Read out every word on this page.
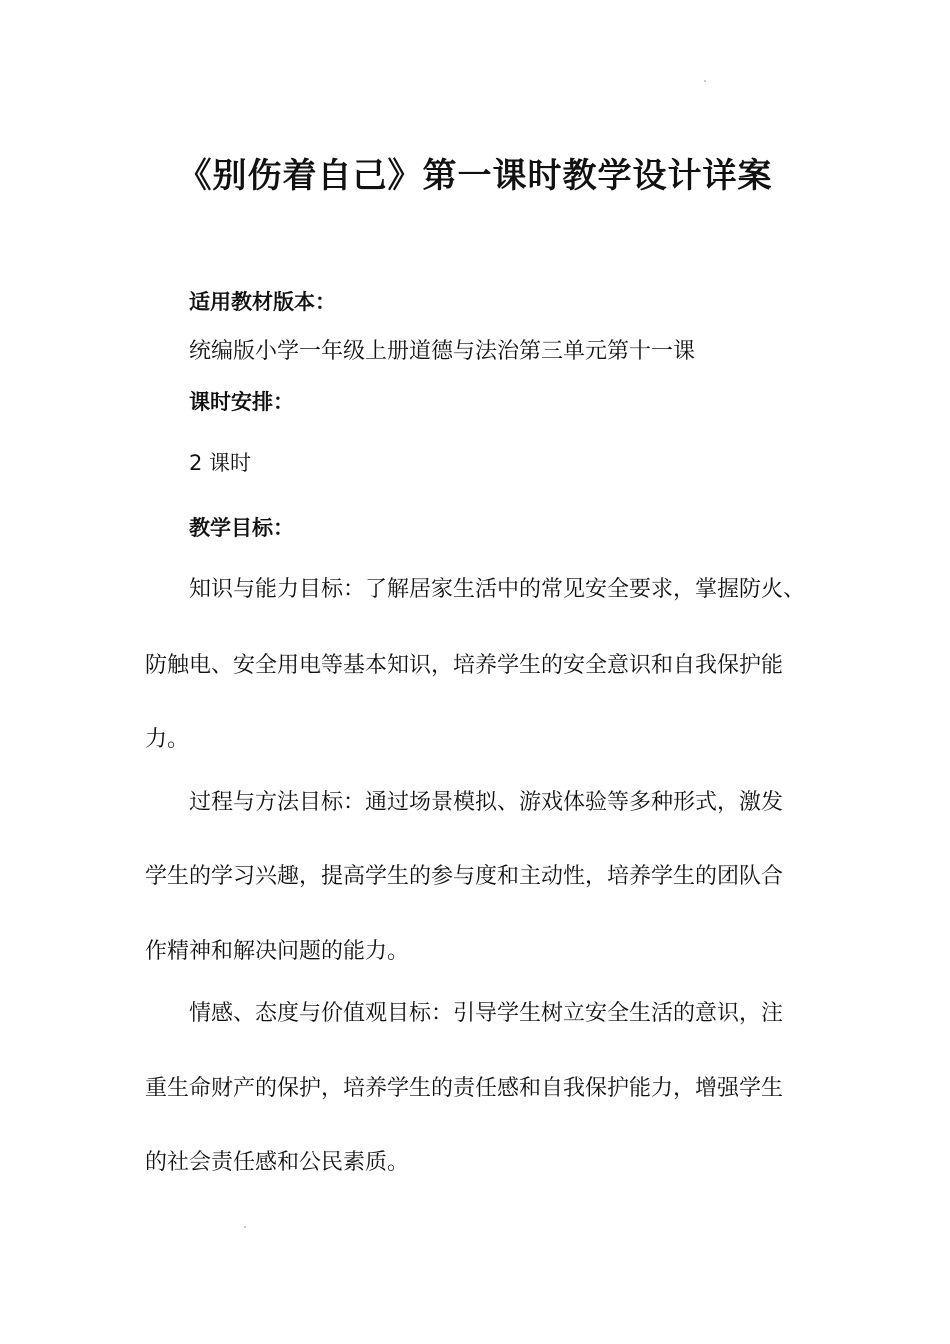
《别伤着自己》第一课时教学设计详案

适用教材版本：

统编版小学一年级上册道德与法治第三单元第十一课

课时安排：

2 课时

教学目标：

知识与能力目标：了解居家生活中的常见安全要求，掌握防火、

防触电、安全用电等基本知识，培养学生的安全意识和自我保护能

力。

过程与方法目标：通过场景模拟、游戏体验等多种形式，激发

学生的学习兴趣，提高学生的参与度和主动性，培养学生的团队合

作精神和解决问题的能力。

情感、态度与价值观目标：引导学生树立安全生活的意识，注

重生命财产的保护，培养学生的责任感和自我保护能力，增强学生

的社会责任感和公民素质。
